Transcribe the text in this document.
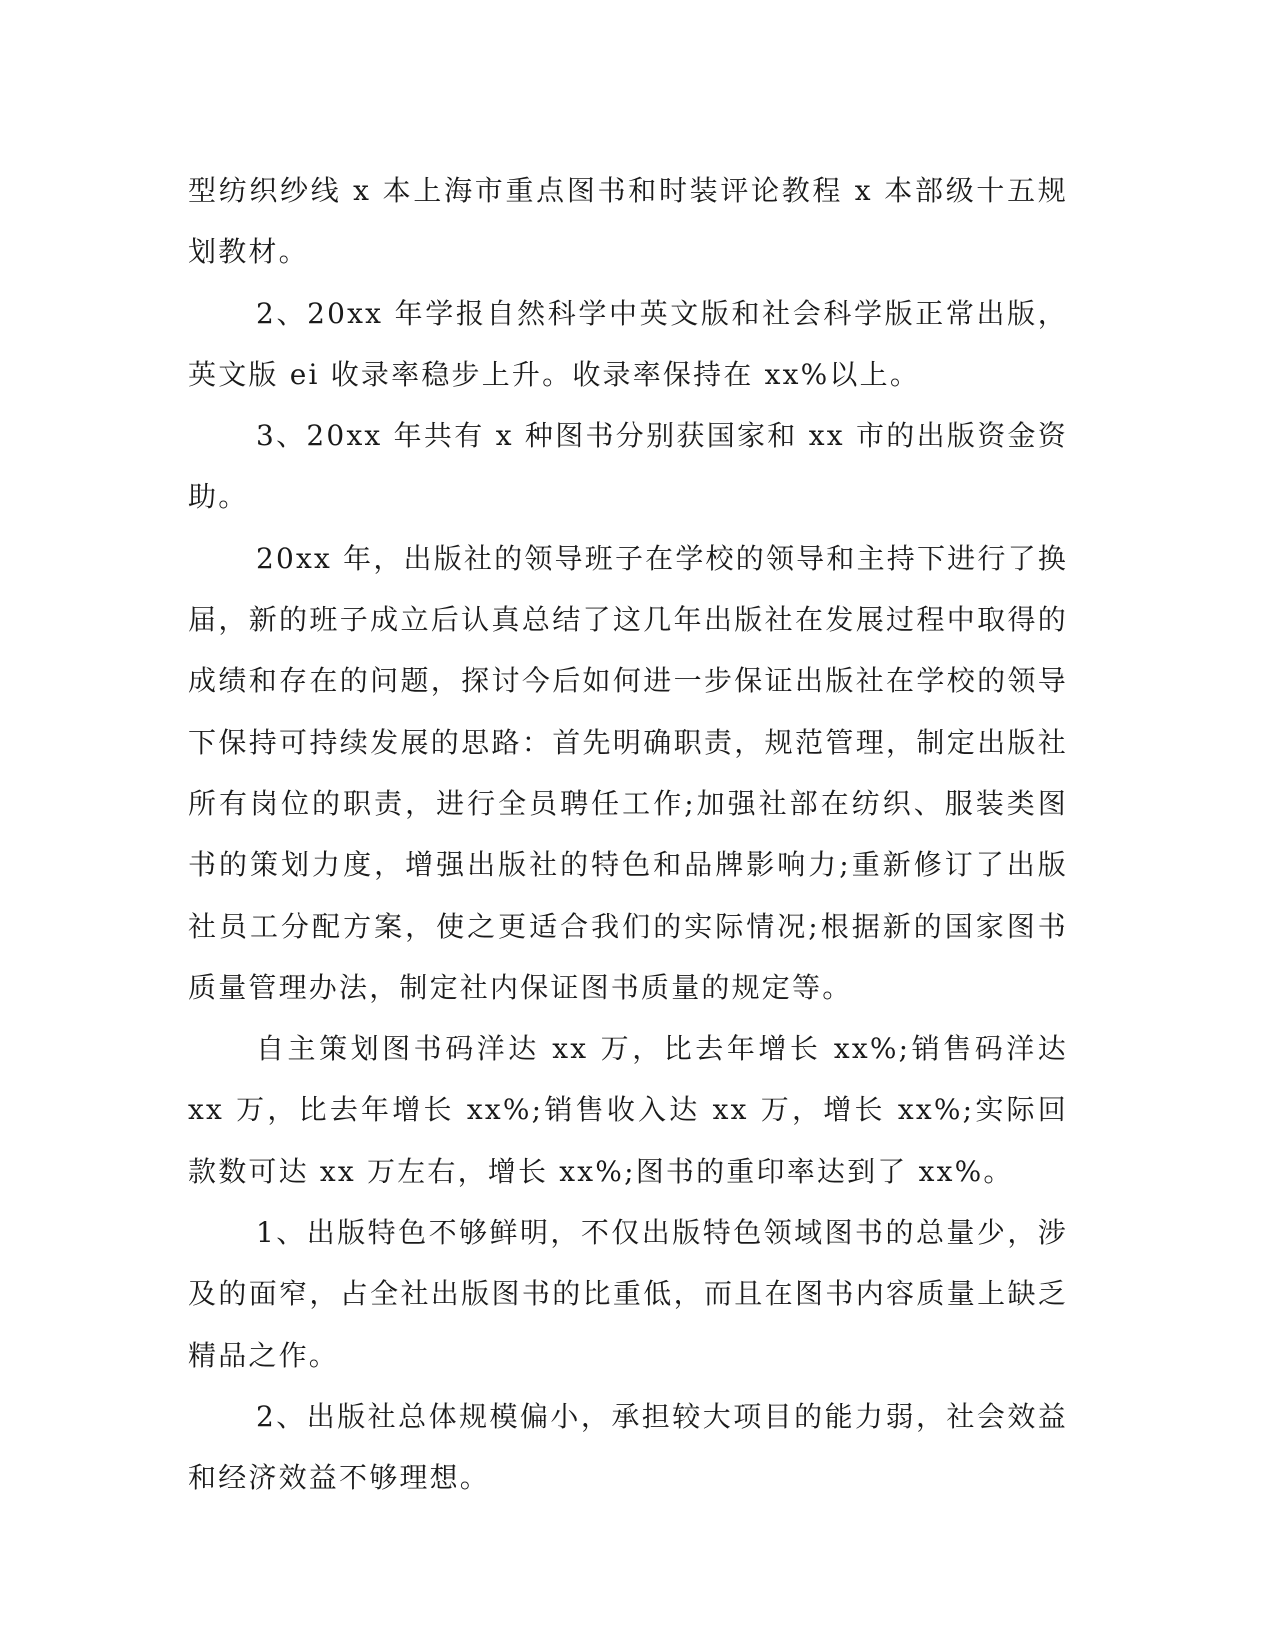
型纺织纱线 x 本上海市重点图书和时装评论教程 x 本部级十五规划教材。

2、20xx 年学报自然科学中英文版和社会科学版正常出版，英文版 ei 收录率稳步上升。收录率保持在 xx%以上。

3、20xx 年共有 x 种图书分别获国家和 xx 市的出版资金资助。

20xx 年，出版社的领导班子在学校的领导和主持下进行了换届，新的班子成立后认真总结了这几年出版社在发展过程中取得的成绩和存在的问题，探讨今后如何进一步保证出版社在学校的领导下保持可持续发展的思路：首先明确职责，规范管理，制定出版社所有岗位的职责，进行全员聘任工作;加强社部在纺织、服装类图书的策划力度，增强出版社的特色和品牌影响力;重新修订了出版社员工分配方案，使之更适合我们的实际情况;根据新的国家图书质量管理办法，制定社内保证图书质量的规定等。

自主策划图书码洋达 xx 万，比去年增长 xx%;销售码洋达 xx 万，比去年增长 xx%;销售收入达 xx 万，增长 xx%;实际回款数可达 xx 万左右，增长 xx%;图书的重印率达到了 xx%。

1、出版特色不够鲜明，不仅出版特色领域图书的总量少，涉及的面窄，占全社出版图书的比重低，而且在图书内容质量上缺乏精品之作。

2、出版社总体规模偏小，承担较大项目的能力弱，社会效益和经济效益不够理想。
